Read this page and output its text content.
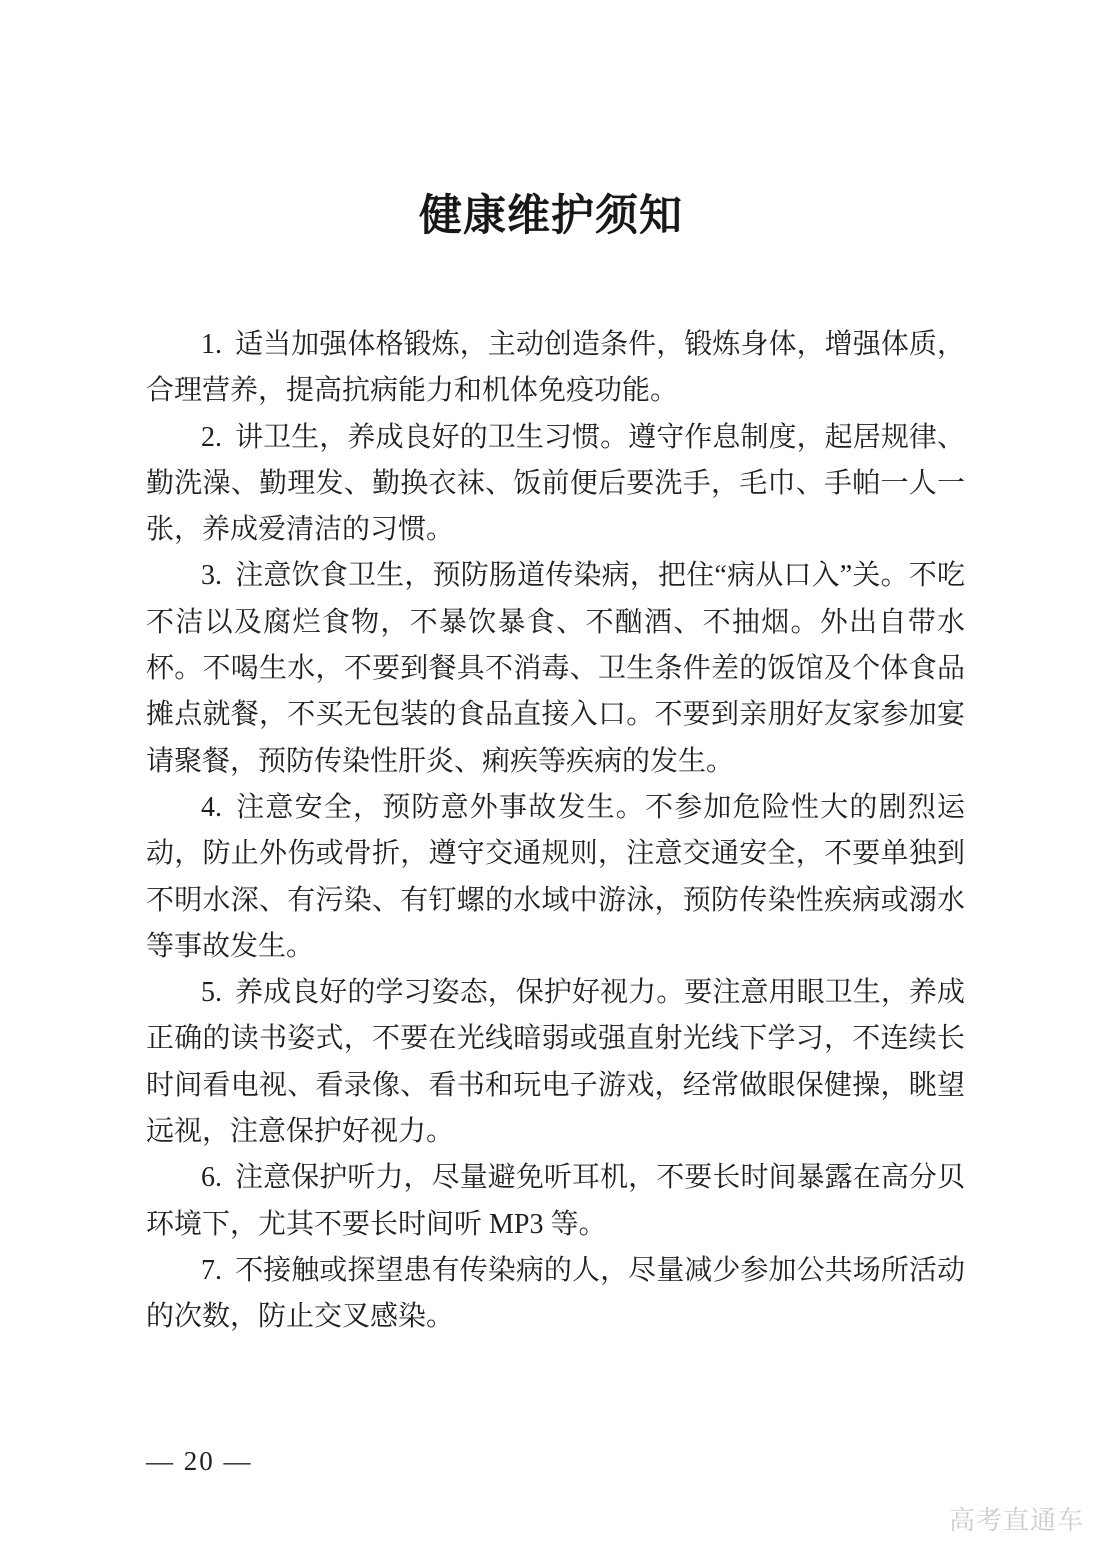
健康维护须知

1. 适当加强体格锻炼，主动创造条件，锻炼身体，增强体质，合理营养，提高抗病能力和机体免疫功能。

2. 讲卫生，养成良好的卫生习惯。遵守作息制度，起居规律、勤洗澡、勤理发、勤换衣袜、饭前便后要洗手，毛巾、手帕一人一张，养成爱清洁的习惯。

3. 注意饮食卫生，预防肠道传染病，把住“病从口入”关。不吃不洁以及腐烂食物，不暴饮暴食、不酗酒、不抽烟。外出自带水杯。不喝生水，不要到餐具不消毒、卫生条件差的饭馆及个体食品摊点就餐，不买无包装的食品直接入口。不要到亲朋好友家参加宴请聚餐，预防传染性肝炎、痢疾等疾病的发生。

4. 注意安全，预防意外事故发生。不参加危险性大的剧烈运动，防止外伤或骨折，遵守交通规则，注意交通安全，不要单独到不明水深、有污染、有钉螺的水域中游泳，预防传染性疾病或溺水等事故发生。

5. 养成良好的学习姿态，保护好视力。要注意用眼卫生，养成正确的读书姿式，不要在光线暗弱或强直射光线下学习，不连续长时间看电视、看录像、看书和玩电子游戏，经常做眼保健操，眺望远视，注意保护好视力。

6. 注意保护听力，尽量避免听耳机，不要长时间暴露在高分贝环境下，尤其不要长时间听 MP3 等。

7. 不接触或探望患有传染病的人，尽量减少参加公共场所活动的次数，防止交叉感染。

— 20 —
高考直通车
